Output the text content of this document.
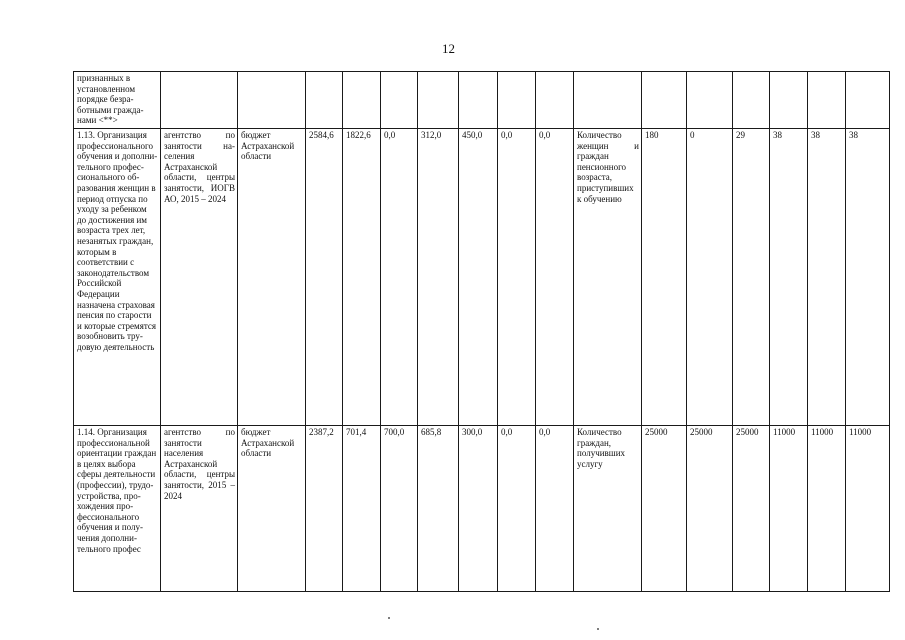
12
признанных в установленном порядке безработными гражданами <**>																
1.13. Организация профессионального обучения и дополнительного профессионального образования женщин в период отпуска по уходу за ребенком до достижения им возраста трех лет, незанятых граждан, которым в соответствии с законодательством Российской Федерации назначена страховая пенсия по старости и которые стремятся возобновить трудовую деятельность	агентство по занятости населения Астраханской области, центры занятости, ИОГВ АО, 2015 – 2024	бюджет Астраханской области	2584,6	1822,6	0,0	312,0	450,0	0,0	0,0	Количество женщин и граждан пенсионного возраста, приступивших к обучению	180	0	29	38	38	38
1.14. Организация профессиональной ориентации граждан в целях выбора сферы деятельности (профессии), трудоустройства, прохождения профессионального обучения и получения дополнительного профес	агентство по занятости населения Астраханской области, центры занятости, 2015 – 2024	бюджет Астраханской области	2387,2	701,4	700,0	685,8	300,0	0,0	0,0	Количество граждан, получивших услугу	25000	25000	25000	11000	11000	11000
